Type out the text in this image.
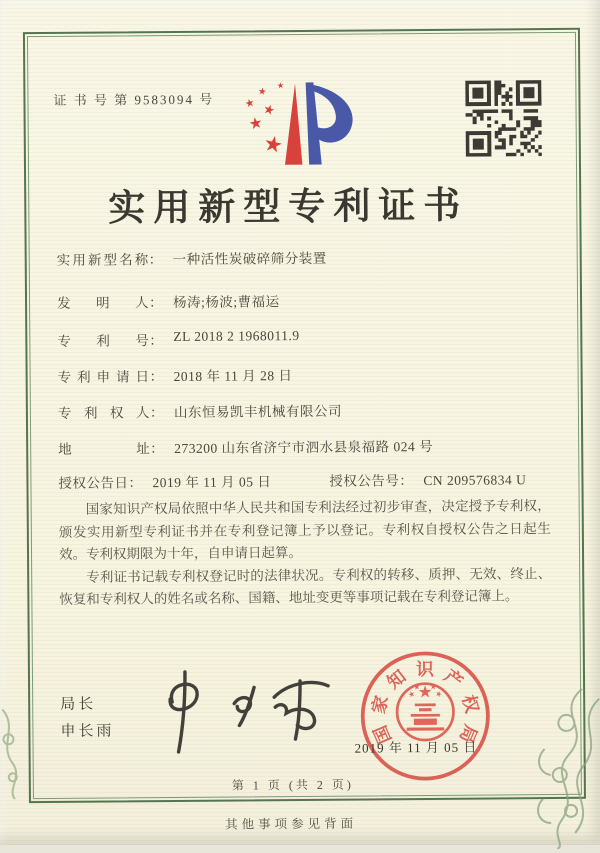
证 书 号 第 9583094 号
实用新型专利证书
实用新型名称 ： 一种活性炭破碎筛分装置
发明人 ： 杨涛;杨波;曹福运
专利号 ： ZL 2018 2 1968011.9
专利申请日 ： 2018 年 11 月 28 日
专利权人 ： 山东恒易凯丰机械有限公司
地址 ： 273200 山东省济宁市泗水县泉福路 024 号
授权公告日： 2019 年 11 月 05 日	授权公告号： CN 209576834 U

国家知识产权局依照中华人民共和国专利法经过初步审查，决定授予专利权，颁发实用新型专利证书并在专利登记簿上予以登记。专利权自授权公告之日起生效。专利权期限为十年，自申请日起算。

专利证书记载专利权登记时的法律状况。专利权的转移、质押、无效、终止、恢复和专利权人的姓名或名称、国籍、地址变更等事项记载在专利登记簿上。

局长
申长雨	国
家
知 识 产
权
局
2019 年 11 月 05 日
第 1 页 (共 2 页)
其他事项参见背面
